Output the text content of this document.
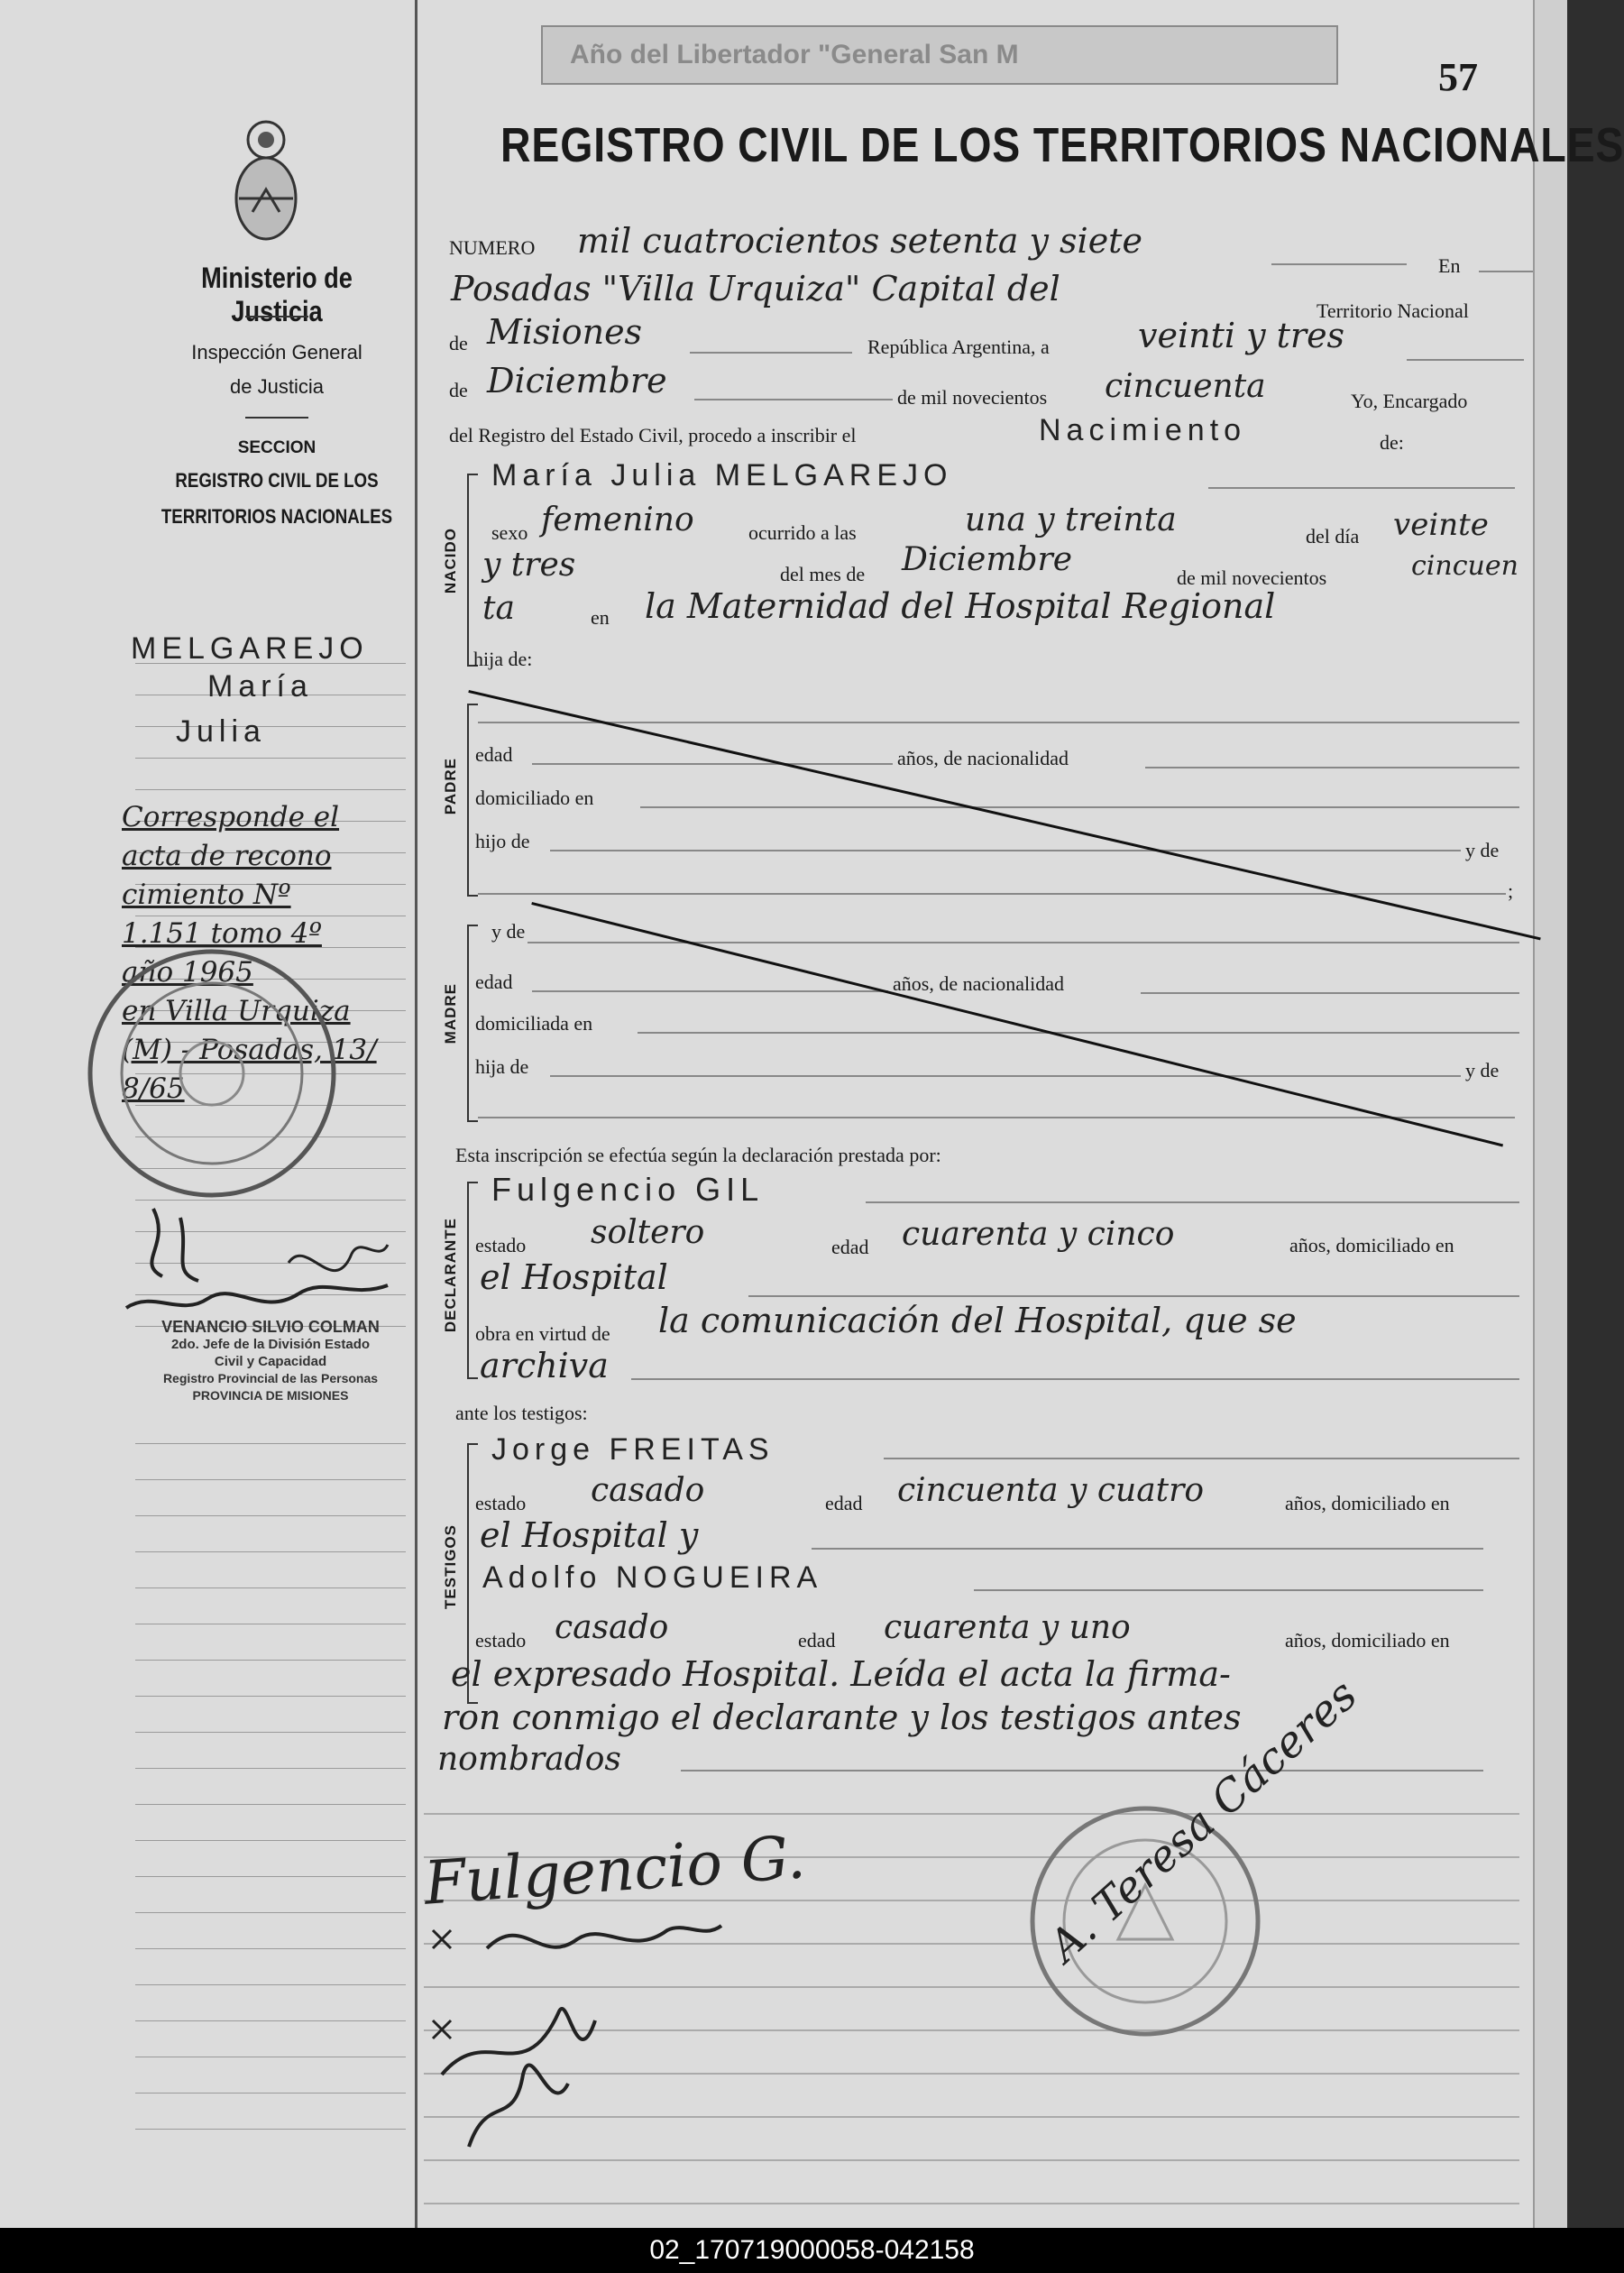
Año del Libertador "General San M
57
REGISTRO CIVIL DE LOS TERRITORIOS NACIONALES
Ministerio de Justicia
Inspección General
de Justicia
SECCION
REGISTRO CIVIL DE LOS
TERRITORIOS NACIONALES
MELGAREJO
María
Julia
Corresponde el
acta de recono
cimiento Nº
1.151 tomo 4º
año 1965
en Villa Urquiza
(M) - Posadas, 13/
8/65
VENANCIO SILVIO COLMAN
2do. Jefe de la División Estado
Civil y Capacidad
Registro Provincial de las Personas
PROVINCIA DE MISIONES
NUMERO mil cuatrocientos setenta y siete
En
Posadas "Villa Urquiza" Capital del
Territorio Nacional
de Misiones	República Argentina, a	veinti y tres
de Diciembre	de mil novecientos cincuenta	Yo, Encargado
del Registro del Estado Civil, procedo a inscribir el	Nacimiento	de:
NACIDO
María Julia MELGAREJO
sexo femenino	ocurrido a las	una y treinta	del día veinte
y tres	del mes de Diciembre	de mil novecientos	cincuen
ta	en la Maternidad del Hospital Regional
hija de:
PADRE
edad	años, de nacionalidad
domiciliado en
hijo de	y de
;
MADRE
y de
edad	años, de nacionalidad
domiciliada en
hija de	y de
Esta inscripción se efectúa según la declaración prestada por:
DECLARANTE
Fulgencio GIL
estado soltero	edad cuarenta y cinco	años, domiciliado en
el Hospital
obra en virtud de la comunicación del Hospital, que se
archiva
ante los testigos:
TESTIGOS
Jorge FREITAS
estado casado	edad cincuenta y cuatro	años, domiciliado en
el Hospital y
Adolfo NOGUEIRA
estado casado	edad cuarenta y uno	años, domiciliado en
el expresado Hospital. Leída el acta la firma-
ron conmigo el declarante y los testigos antes
nombrados
Fulgencio G.	A. Teresa Cáceres
02_170719000058-042158
